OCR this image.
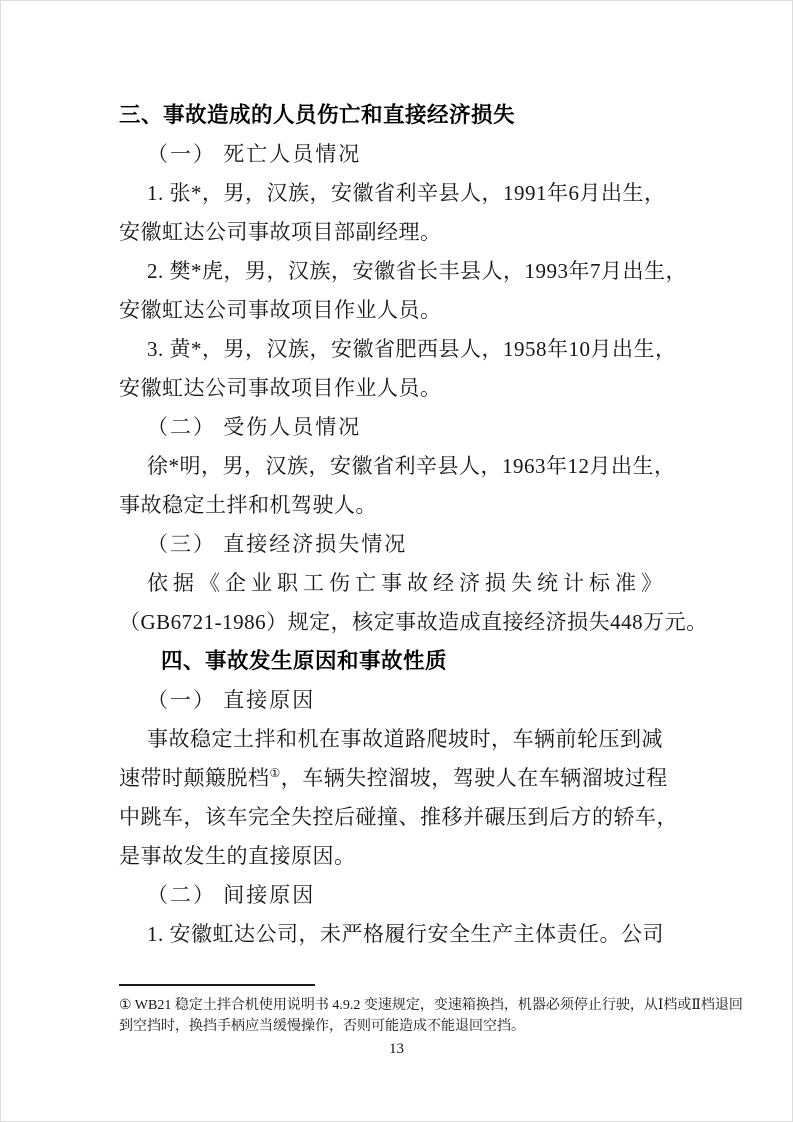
三、事故造成的人员伤亡和直接经济损失
（一） 死亡人员情况
1. 张*，男，汉族，安徽省利辛县人，1991年6月出生，
安徽虹达公司事故项目部副经理。
2. 樊*虎，男，汉族，安徽省长丰县人，1993年7月出生，
安徽虹达公司事故项目作业人员。
3. 黄*，男，汉族，安徽省肥西县人，1958年10月出生，
安徽虹达公司事故项目作业人员。
（二） 受伤人员情况
徐*明，男，汉族，安徽省利辛县人，1963年12月出生，
事故稳定土拌和机驾驶人。
（三） 直接经济损失情况
依据《企业职工伤亡事故经济损失统计标准》
（GB6721-1986）规定，核定事故造成直接经济损失448万元。
四、事故发生原因和事故性质
（一） 直接原因
事故稳定土拌和机在事故道路爬坡时，车辆前轮压到减
速带时颠簸脱档①，车辆失控溜坡，驾驶人在车辆溜坡过程
中跳车，该车完全失控后碰撞、推移并碾压到后方的轿车，
是事故发生的直接原因。
（二） 间接原因
1. 安徽虹达公司，未严格履行安全生产主体责任。公司
① WB21 稳定土拌合机使用说明书 4.9.2 变速规定，变速箱换挡，机器必须停止行驶，从Ⅰ档或Ⅱ档退回
到空挡时，换挡手柄应当缓慢操作，否则可能造成不能退回空挡。
13
